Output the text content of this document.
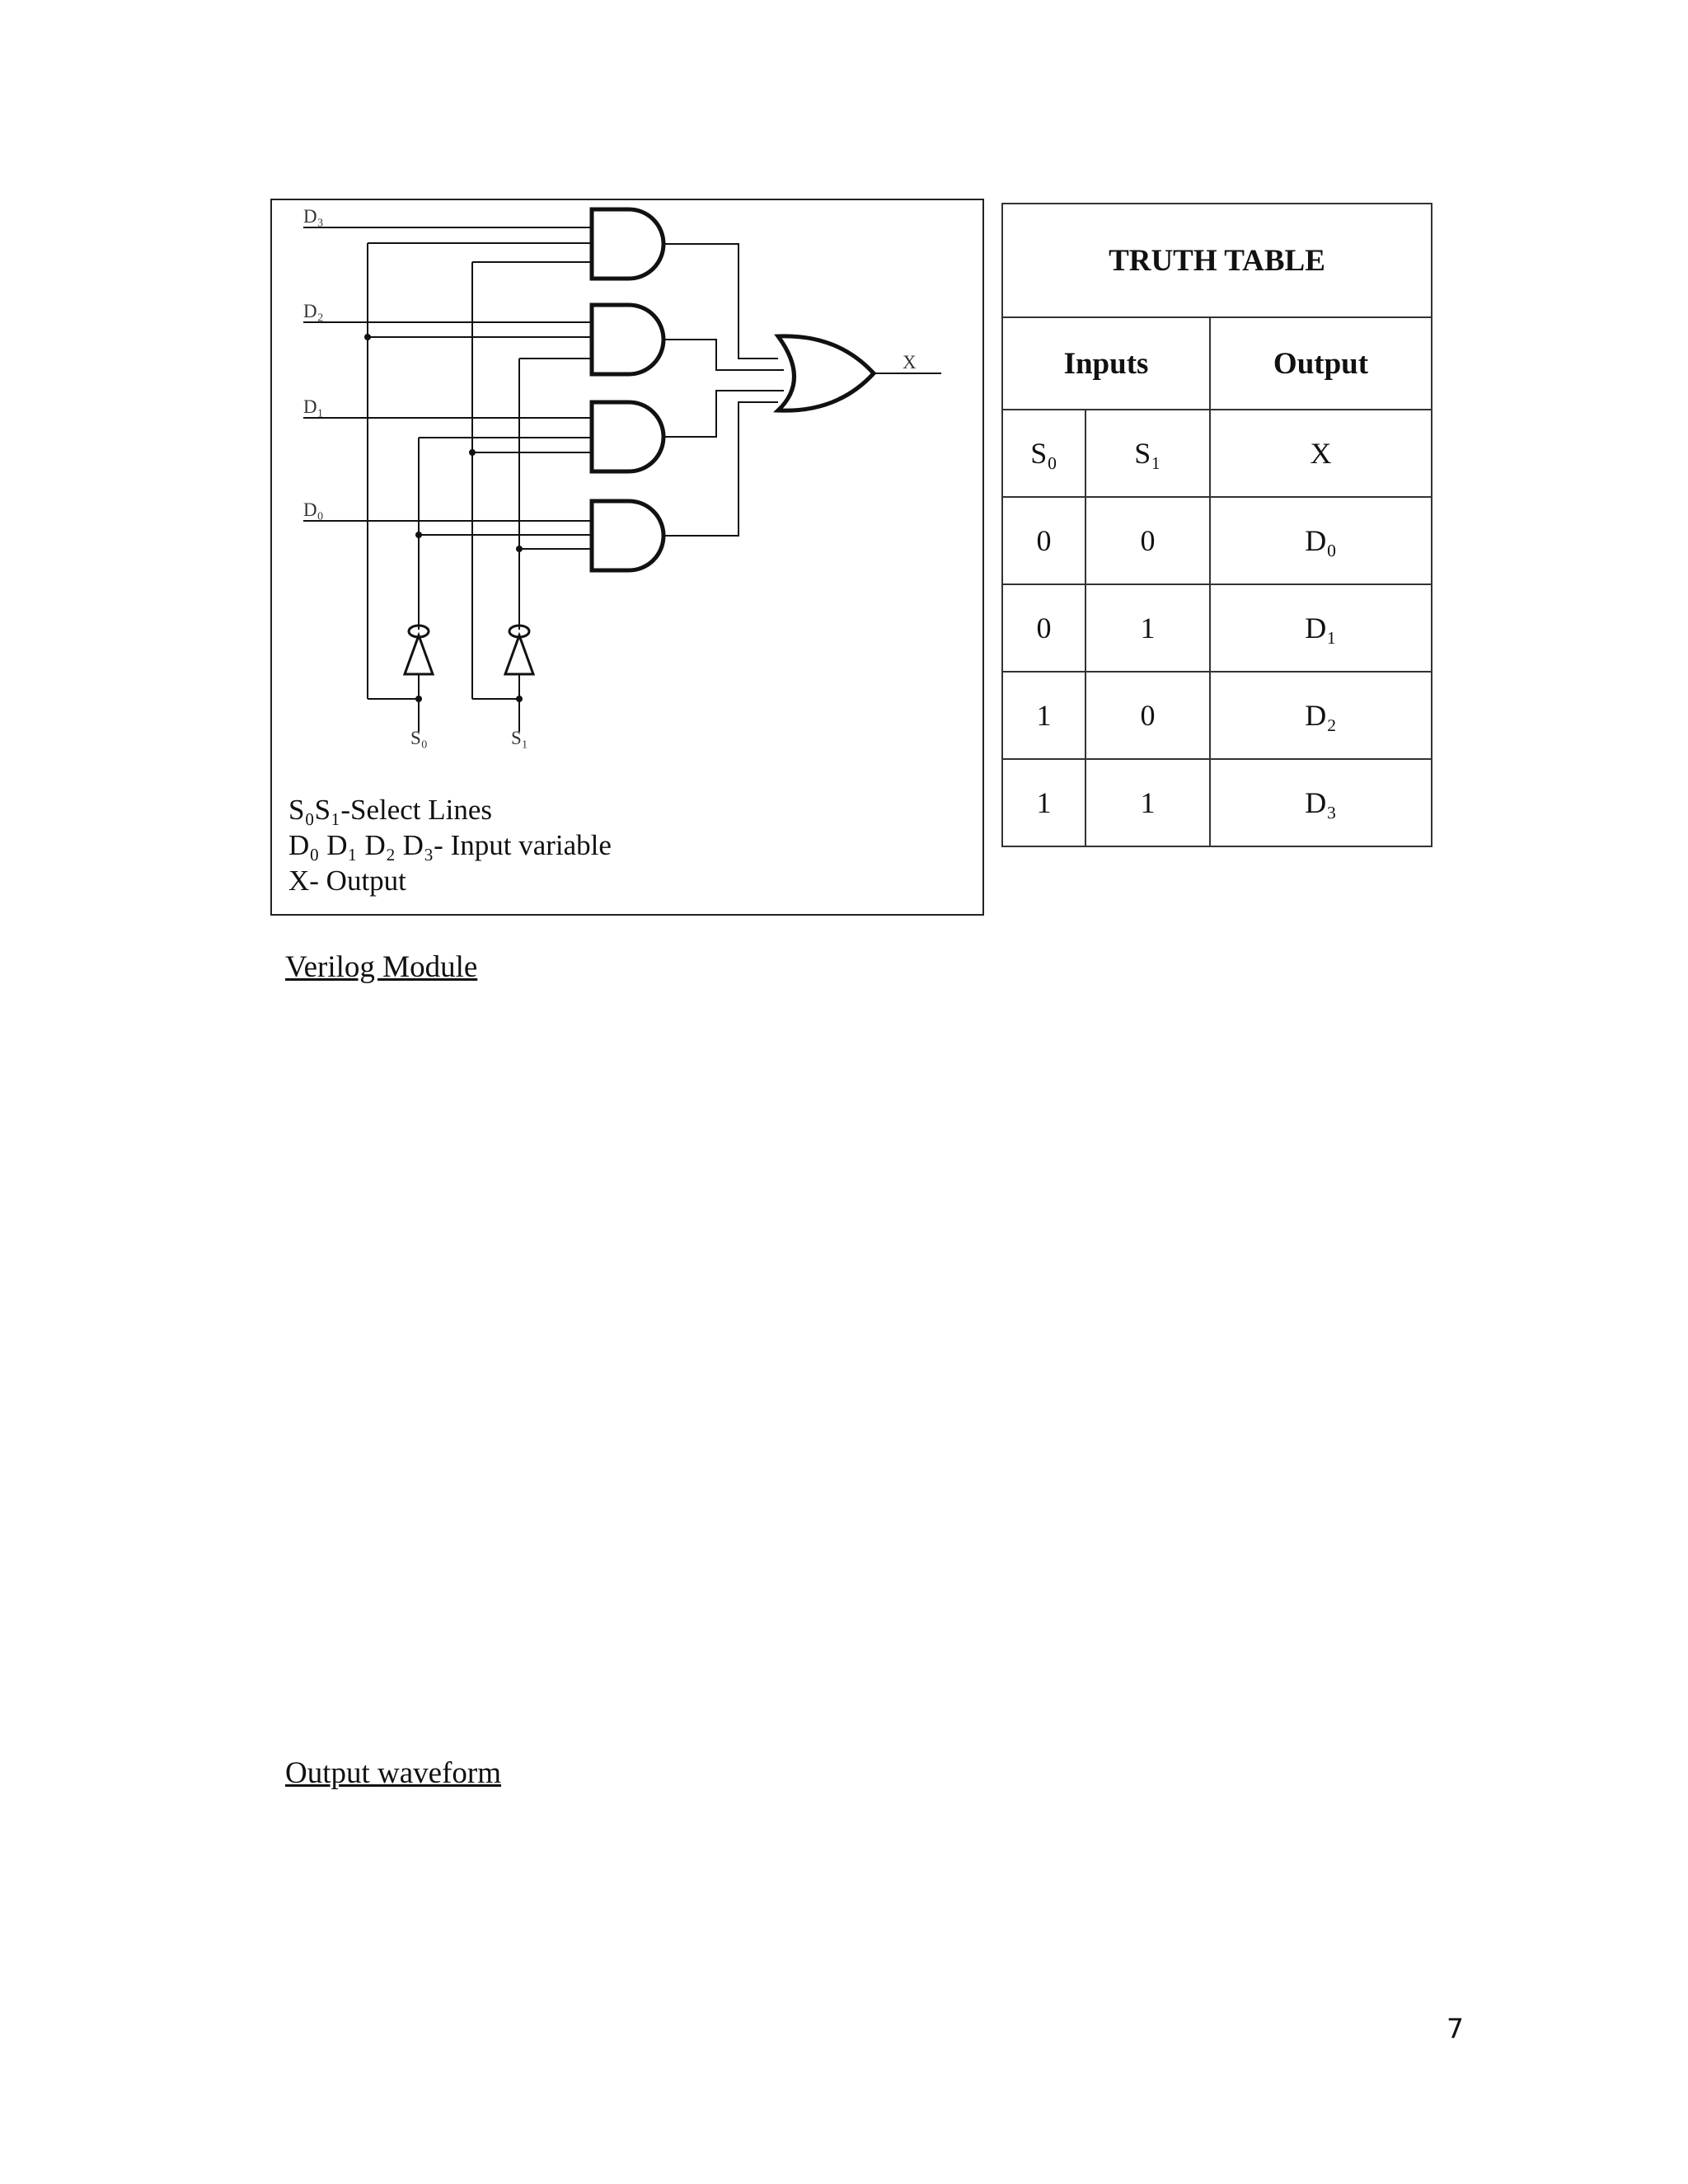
D₃
D₂
D₁
D₀
X
S₀	S₁
S₀S₁-Select Lines
D₀ D₁ D₂ D₃- Input variable
X- Output
TRUTH TABLE		
Inputs		Output
S₀	S₁	X
0	0	D₀
0	1	D₁
1	0	D₂
1	1	D₃
Verilog Module
Output waveform
7
